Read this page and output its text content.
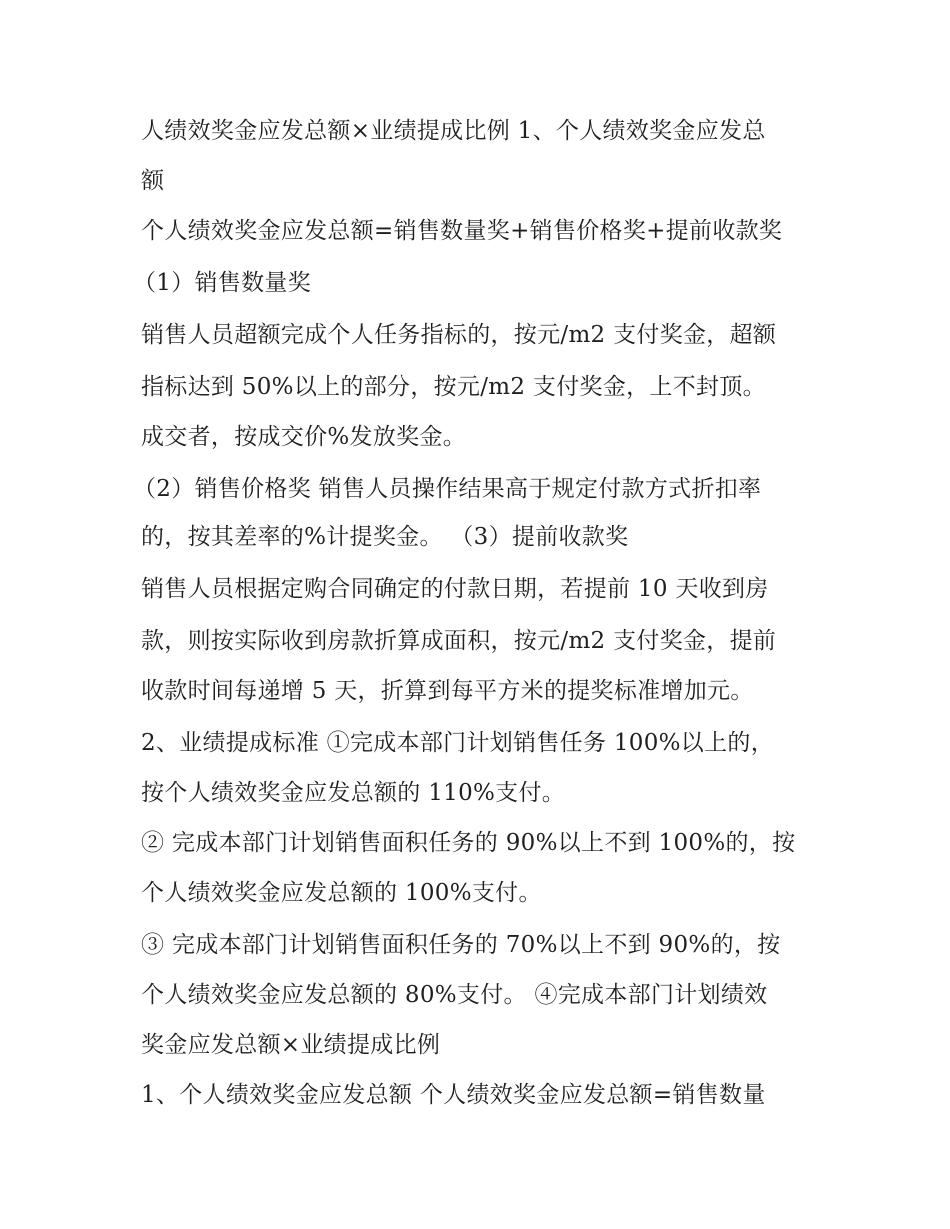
人绩效奖金应发总额×业绩提成比例 1、个人绩效奖金应发总
额
个人绩效奖金应发总额=销售数量奖+销售价格奖+提前收款奖
（1）销售数量奖
销售人员超额完成个人任务指标的，按元/m2 支付奖金，超额
指标达到 50%以上的部分，按元/m2 支付奖金，上不封顶。
成交者，按成交价%发放奖金。
（2）销售价格奖 销售人员操作结果高于规定付款方式折扣率
的，按其差率的%计提奖金。 （3）提前收款奖
销售人员根据定购合同确定的付款日期，若提前 10 天收到房
款，则按实际收到房款折算成面积，按元/m2 支付奖金，提前
收款时间每递增 5 天，折算到每平方米的提奖标准增加元。
2、业绩提成标准 ①完成本部门计划销售任务 100%以上的，
按个人绩效奖金应发总额的 110%支付。
② 完成本部门计划销售面积任务的 90%以上不到 100%的，按
个人绩效奖金应发总额的 100%支付。
③ 完成本部门计划销售面积任务的 70%以上不到 90%的，按
个人绩效奖金应发总额的 80%支付。 ④完成本部门计划绩效
奖金应发总额×业绩提成比例
1、个人绩效奖金应发总额 个人绩效奖金应发总额=销售数量
